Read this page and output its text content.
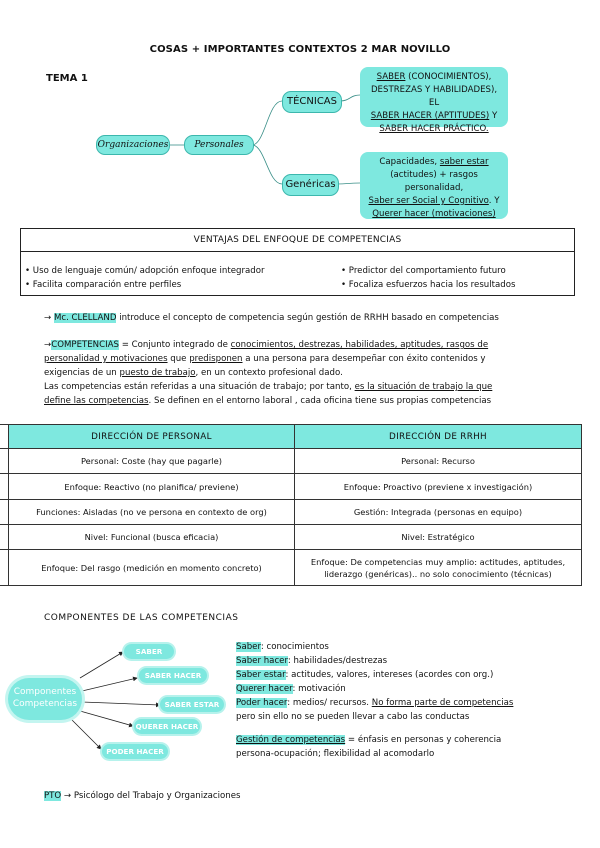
COSAS + IMPORTANTES CONTEXTOS 2 MAR NOVILLO
TEMA 1
Organizaciones	Personales
TÉCNICAS
Genéricas
SABER (CONOCIMIENTOS),
DESTREZAS Y HABILIDADES), EL
SABER HACER (APTITUDES) Y
SABER HACER PRÁCTICO.
Capacidades, saber estar
(actitudes) + rasgos personalidad,
Saber ser Social y Cognitivo. Y
Querer hacer (motivaciones)
VENTAJAS DEL ENFOQUE DE COMPETENCIAS
• Uso de lenguaje común/ adopción enfoque integrador
• Facilita comparación entre perfiles
• Predictor del comportamiento futuro
• Focaliza esfuerzos hacia los resultados
→ Mc. CLELLAND introduce el concepto de competencia según gestión de RRHH basado en competencias
→COMPETENCIAS = Conjunto integrado de conocimientos, destrezas, habilidades, aptitudes, rasgos de
personalidad y motivaciones que predisponen a una persona para desempeñar con éxito contenidos y
exigencias de un puesto de trabajo, en un contexto profesional dado.
Las competencias están referidas a una situación de trabajo; por tanto, es la situación de trabajo la que
define las competencias. Se definen en el entorno laboral , cada oficina tiene sus propias competencias
	DIRECCIÓN DE PERSONAL	DIRECCIÓN DE RRHH
	Personal: Coste (hay que pagarle)	Personal: Recurso
	Enfoque: Reactivo (no planifica/ previene)	Enfoque: Proactivo (previene x investigación)
	Funciones: Aisladas (no ve persona en contexto de org)	Gestión: Integrada (personas en equipo)
	Nivel: Funcional (busca eficacia)	Nivel: Estratégico
	Enfoque: Del rasgo (medición en momento concreto)	Enfoque: De competencias muy amplio: actitudes, aptitudes,
liderazgo (genéricas).. no solo conocimiento (técnicas)
COMPONENTES DE LAS COMPETENCIAS
Componentes
Competencias
SABER
SABER HACER
SABER ESTAR
QUERER HACER
PODER HACER
Saber: conocimientos
Saber hacer: habilidades/destrezas
Saber estar: actitudes, valores, intereses (acordes con org.)
Querer hacer: motivación
Poder hacer: medios/ recursos. No forma parte de competencias
pero sin ello no se pueden llevar a cabo las conductas
Gestión de competencias = énfasis en personas y coherencia
persona-ocupación; flexibilidad al acomodarlo
PTO → Psicólogo del Trabajo y Organizaciones
